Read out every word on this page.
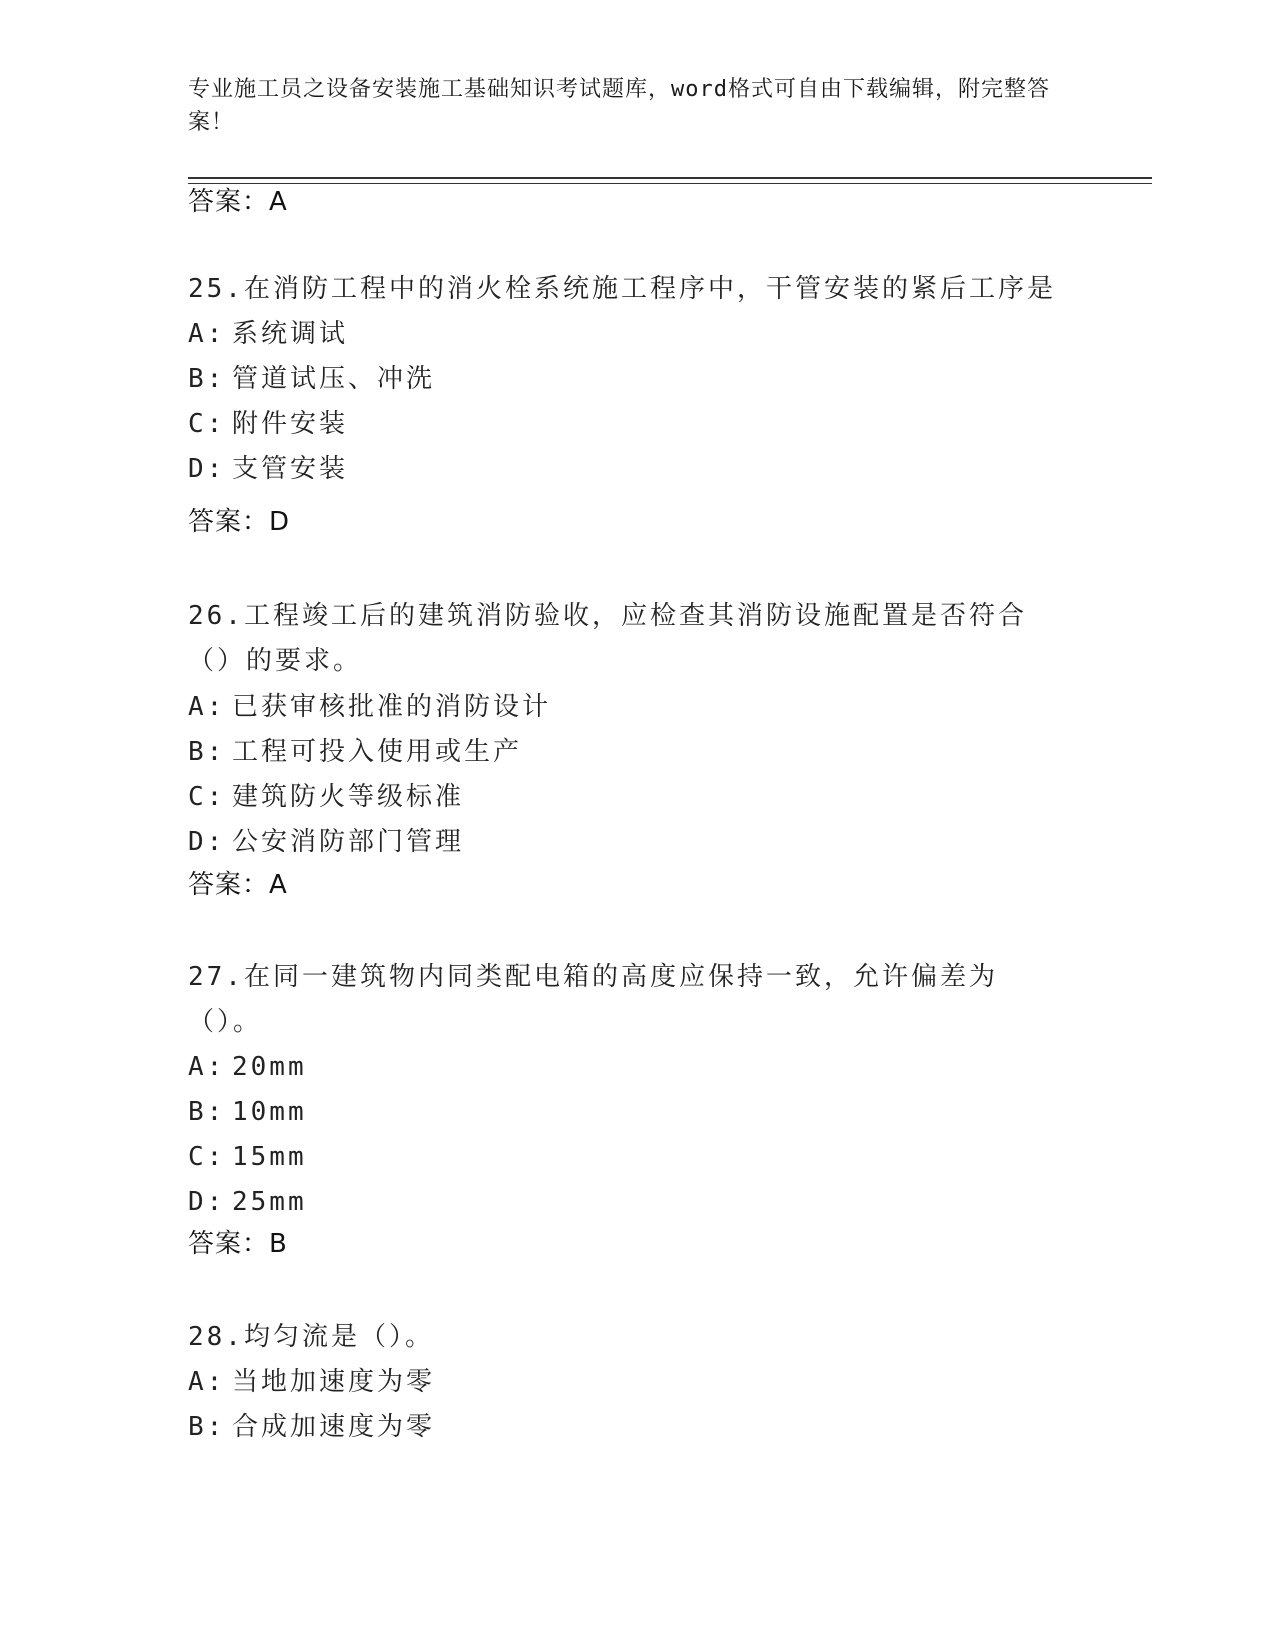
专业施工员之设备安装施工基础知识考试题库，word格式可自由下载编辑，附完整答案！
答案：A
25.在消防工程中的消火栓系统施工程序中，干管安装的紧后工序是
A: 系统调试
B: 管道试压、冲洗
C: 附件安装
D: 支管安装
答案：D
26.工程竣工后的建筑消防验收，应检查其消防设施配置是否符合（）的要求。
A: 已获审核批准的消防设计
B: 工程可投入使用或生产
C: 建筑防火等级标准
D: 公安消防部门管理
答案：A
27.在同一建筑物内同类配电箱的高度应保持一致，允许偏差为（）。
A: 20mm
B: 10mm
C: 15mm
D: 25mm
答案：B
28.均匀流是（）。
A: 当地加速度为零
B: 合成加速度为零
